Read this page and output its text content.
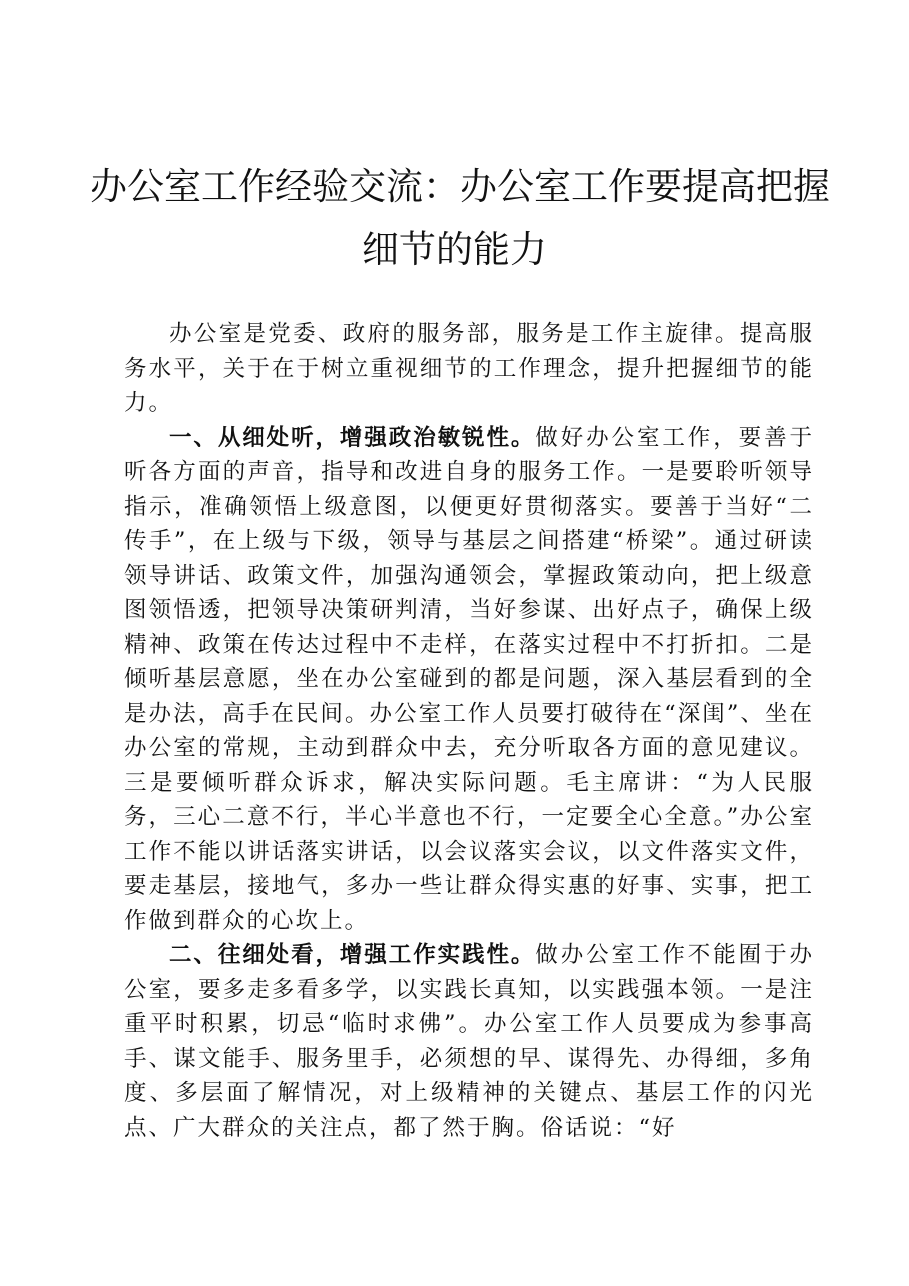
办公室工作经验交流：办公室工作要提高把握
细节的能力

办公室是党委、政府的服务部，服务是工作主旋律。提高服务水平，关于在于树立重视细节的工作理念，提升把握细节的能力。

一、从细处听，增强政治敏锐性。做好办公室工作，要善于听各方面的声音，指导和改进自身的服务工作。一是要聆听领导指示，准确领悟上级意图，以便更好贯彻落实。要善于当好“二传手”，在上级与下级，领导与基层之间搭建“桥梁”。通过研读领导讲话、政策文件，加强沟通领会，掌握政策动向，把上级意图领悟透，把领导决策研判清，当好参谋、出好点子，确保上级精神、政策在传达过程中不走样，在落实过程中不打折扣。二是倾听基层意愿，坐在办公室碰到的都是问题，深入基层看到的全是办法，高手在民间。办公室工作人员要打破待在“深闺”、坐在办公室的常规，主动到群众中去，充分听取各方面的意见建议。三是要倾听群众诉求，解决实际问题。毛主席讲：“为人民服务，三心二意不行，半心半意也不行，一定要全心全意。”办公室工作不能以讲话落实讲话，以会议落实会议，以文件落实文件，要走基层，接地气，多办一些让群众得实惠的好事、实事，把工作做到群众的心坎上。

二、往细处看，增强工作实践性。做办公室工作不能囿于办公室，要多走多看多学，以实践长真知，以实践强本领。一是注重平时积累，切忌“临时求佛”。办公室工作人员要成为参事高手、谋文能手、服务里手，必须想的早、谋得先、办得细，多角度、多层面了解情况，对上级精神的关键点、基层工作的闪光点、广大群众的关注点，都了然于胸。俗话说：“好
